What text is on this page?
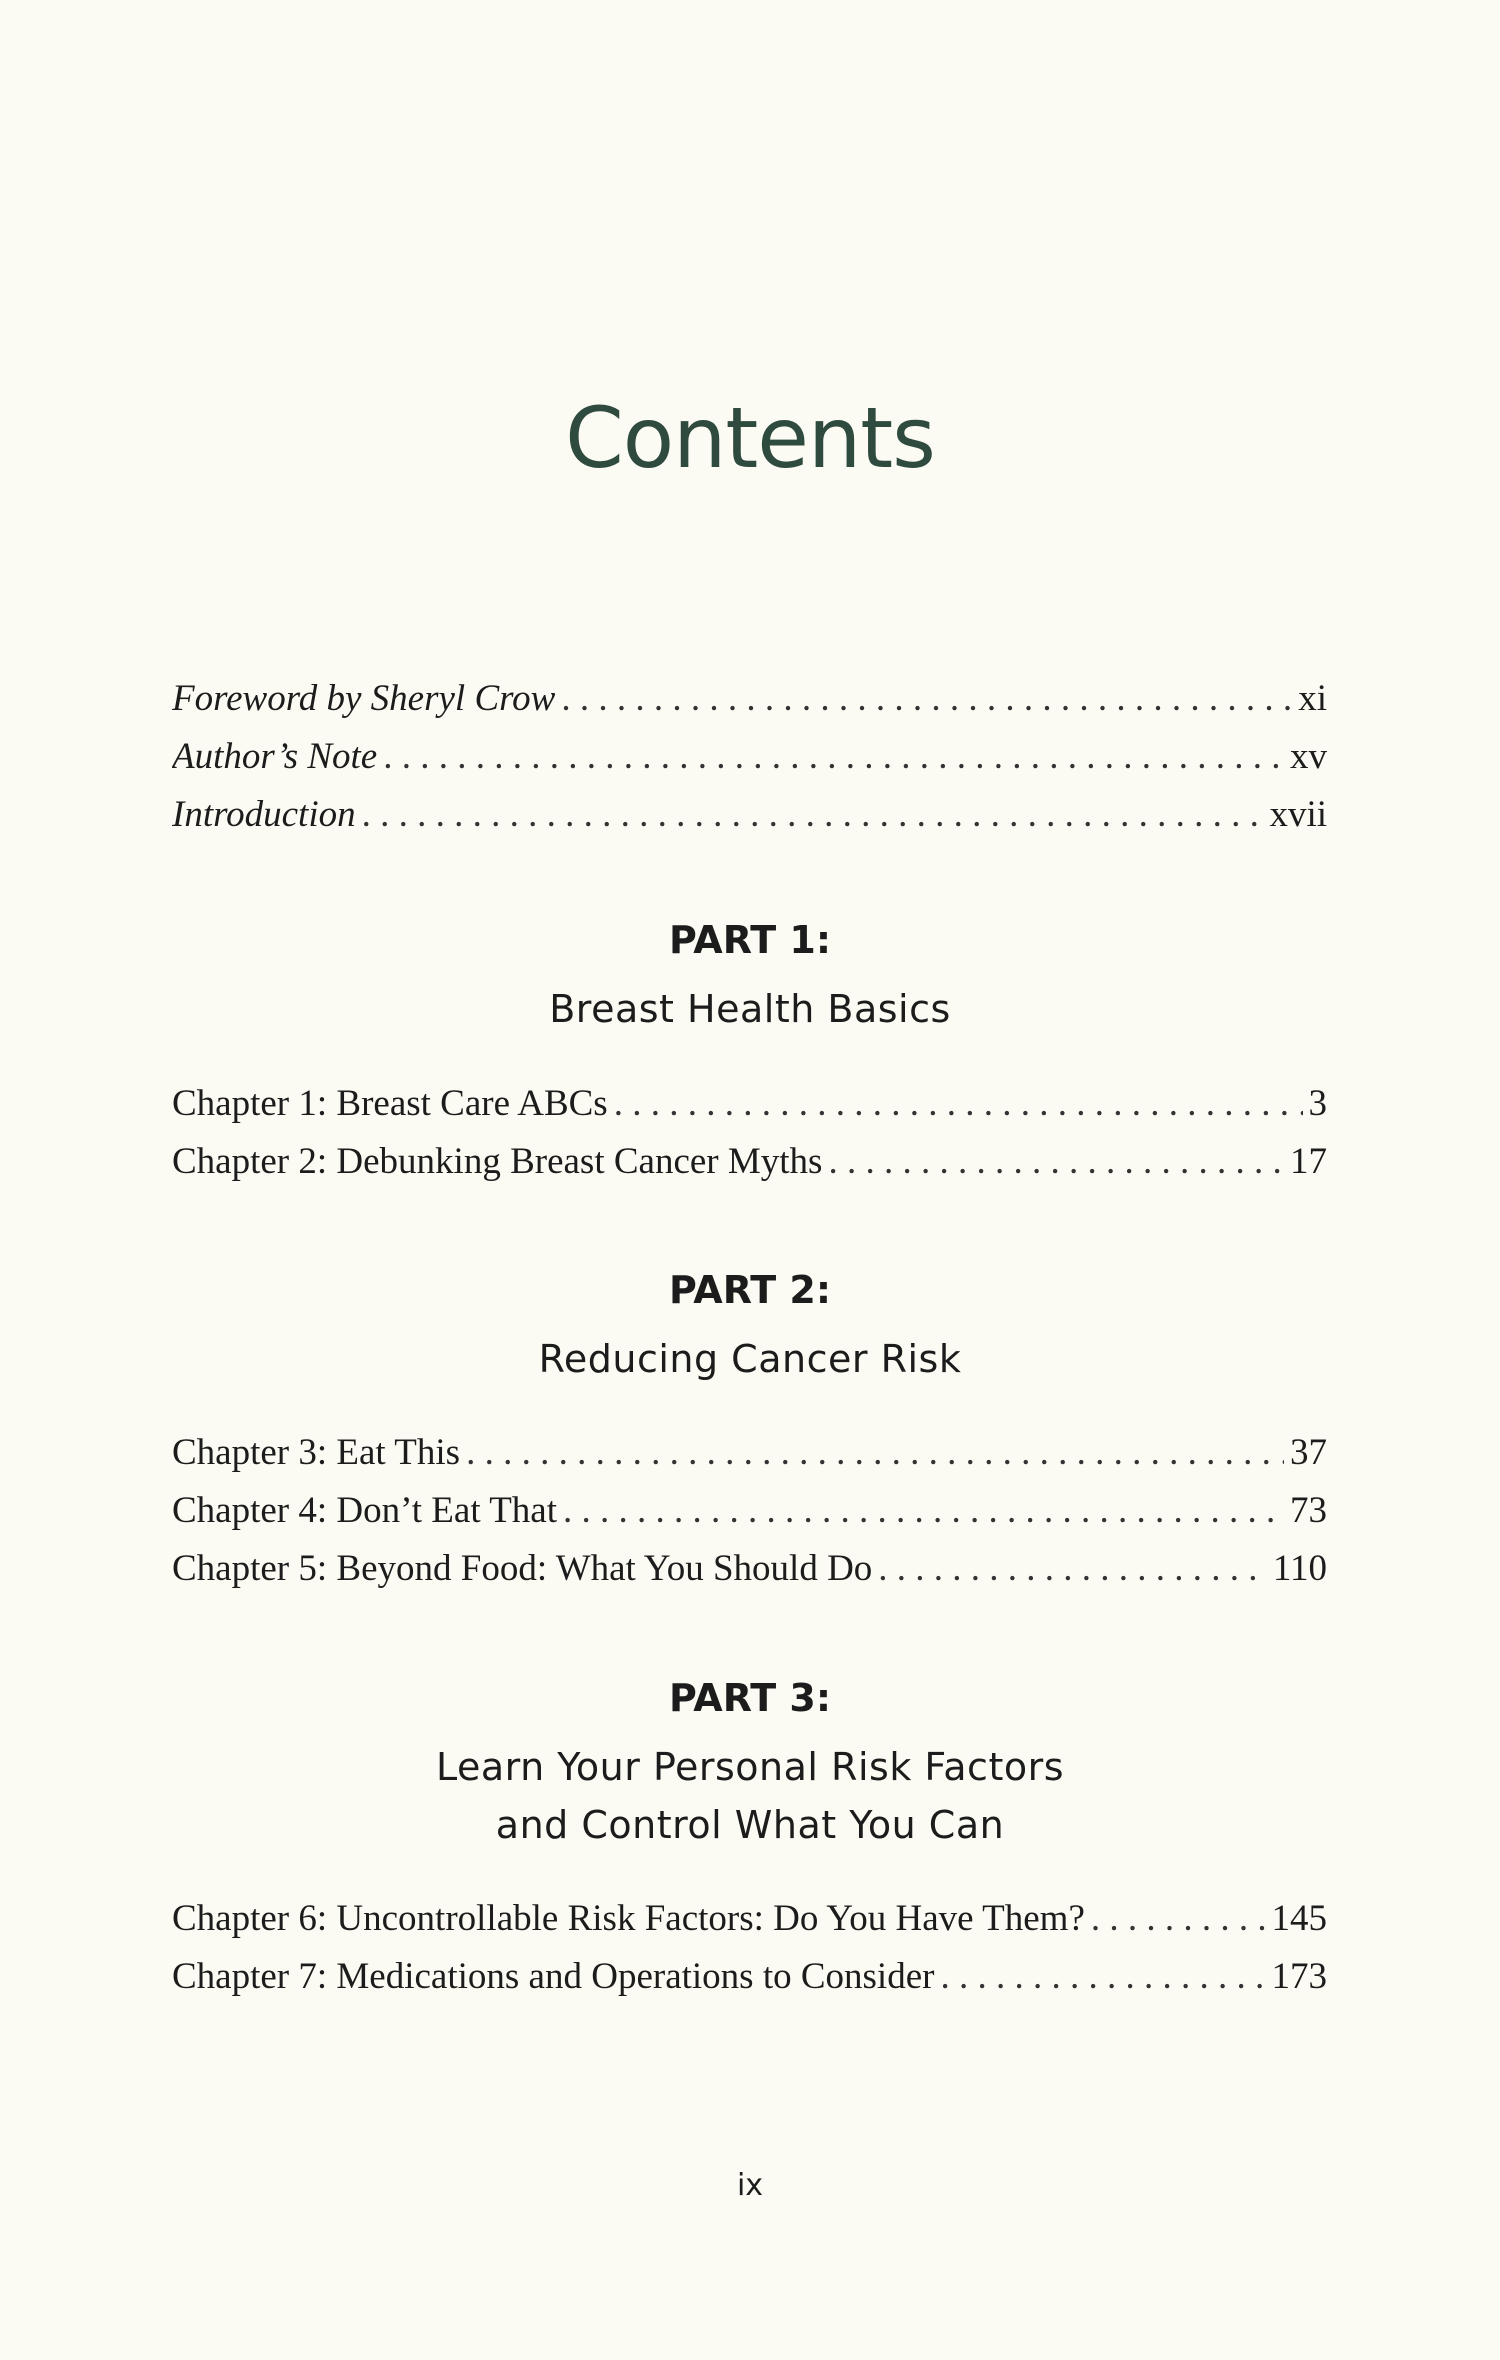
Contents
Foreword by Sheryl Crow . . .	xi
Author’s Note . . .	xv
Introduction . . .	xvii
PART 1:
Breast Health Basics
Chapter 1: Breast Care ABCs . . .	3
Chapter 2: Debunking Breast Cancer Myths . . .	17
PART 2:
Reducing Cancer Risk
Chapter 3: Eat This . . .	37
Chapter 4: Don’t Eat That . . .	73
Chapter 5: Beyond Food: What You Should Do . . .	110
PART 3:
Learn Your Personal Risk Factors
and Control What You Can
Chapter 6: Uncontrollable Risk Factors: Do You Have Them? . . .	145
Chapter 7: Medications and Operations to Consider . . .	173
ix
